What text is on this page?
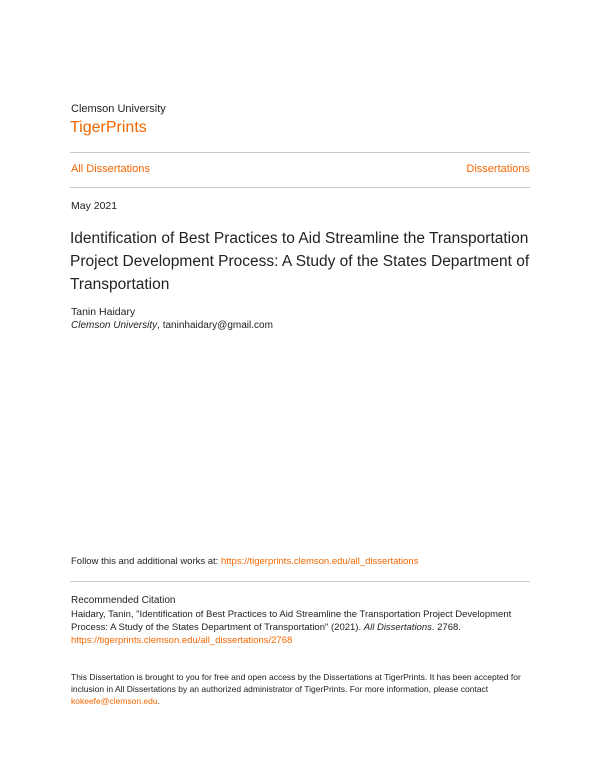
Clemson University
TigerPrints
All Dissertations	Dissertations
May 2021
Identification of Best Practices to Aid Streamline the Transportation Project Development Process: A Study of the States Department of Transportation
Tanin Haidary
Clemson University, taninhaidary@gmail.com
Follow this and additional works at: https://tigerprints.clemson.edu/all_dissertations
Recommended Citation
Haidary, Tanin, "Identification of Best Practices to Aid Streamline the Transportation Project Development Process: A Study of the States Department of Transportation" (2021). All Dissertations. 2768.
https://tigerprints.clemson.edu/all_dissertations/2768
This Dissertation is brought to you for free and open access by the Dissertations at TigerPrints. It has been accepted for inclusion in All Dissertations by an authorized administrator of TigerPrints. For more information, please contact kokeefe@clemson.edu.
